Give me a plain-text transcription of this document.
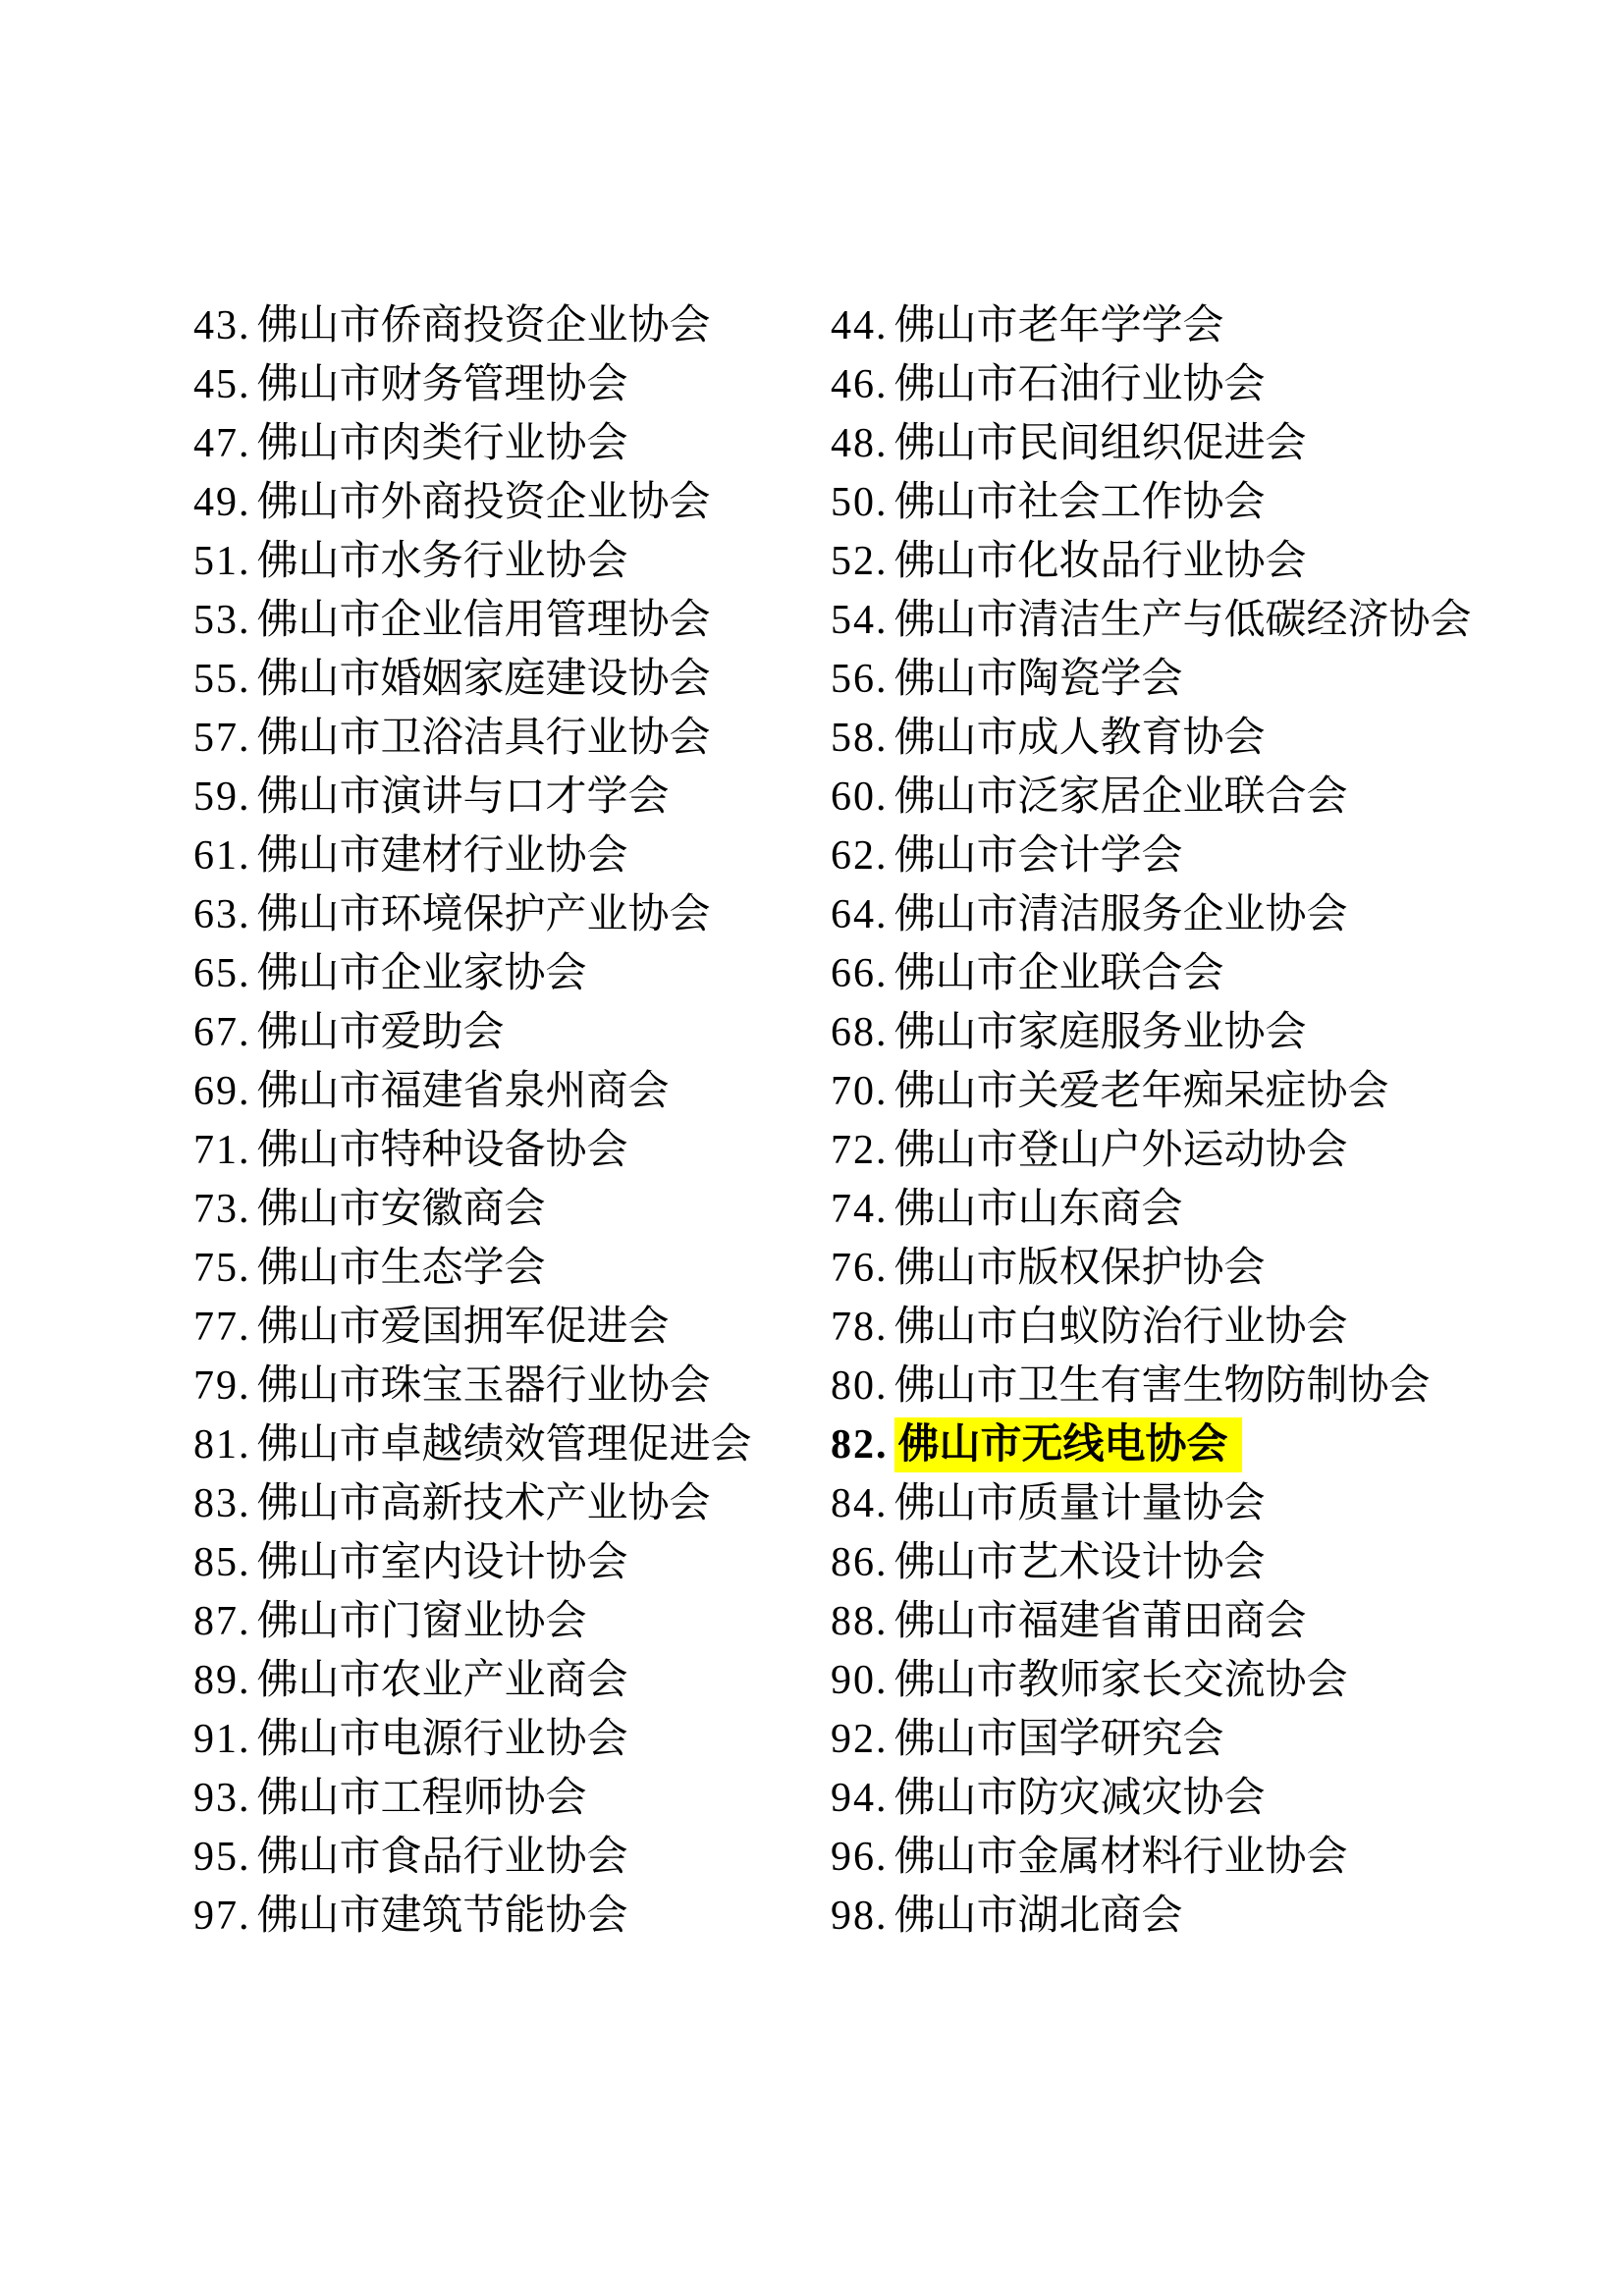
43. 佛山市侨商投资企业协会	44. 佛山市老年学学会
45. 佛山市财务管理协会	46. 佛山市石油行业协会
47. 佛山市肉类行业协会	48. 佛山市民间组织促进会
49. 佛山市外商投资企业协会	50. 佛山市社会工作协会
51. 佛山市水务行业协会	52. 佛山市化妆品行业协会
53. 佛山市企业信用管理协会	54. 佛山市清洁生产与低碳经济协会
55. 佛山市婚姻家庭建设协会	56. 佛山市陶瓷学会
57. 佛山市卫浴洁具行业协会	58. 佛山市成人教育协会
59. 佛山市演讲与口才学会	60. 佛山市泛家居企业联合会
61. 佛山市建材行业协会	62. 佛山市会计学会
63. 佛山市环境保护产业协会	64. 佛山市清洁服务企业协会
65. 佛山市企业家协会	66. 佛山市企业联合会
67. 佛山市爱助会	68. 佛山市家庭服务业协会
69. 佛山市福建省泉州商会	70. 佛山市关爱老年痴呆症协会
71. 佛山市特种设备协会	72. 佛山市登山户外运动协会
73. 佛山市安徽商会	74. 佛山市山东商会
75. 佛山市生态学会	76. 佛山市版权保护协会
77. 佛山市爱国拥军促进会	78. 佛山市白蚁防治行业协会
79. 佛山市珠宝玉器行业协会	80. 佛山市卫生有害生物防制协会
81. 佛山市卓越绩效管理促进会	82. 佛山市无线电协会
83. 佛山市高新技术产业协会	84. 佛山市质量计量协会
85. 佛山市室内设计协会	86. 佛山市艺术设计协会
87. 佛山市门窗业协会	88. 佛山市福建省莆田商会
89. 佛山市农业产业商会	90. 佛山市教师家长交流协会
91. 佛山市电源行业协会	92. 佛山市国学研究会
93. 佛山市工程师协会	94. 佛山市防灾减灾协会
95. 佛山市食品行业协会	96. 佛山市金属材料行业协会
97. 佛山市建筑节能协会	98. 佛山市湖北商会
